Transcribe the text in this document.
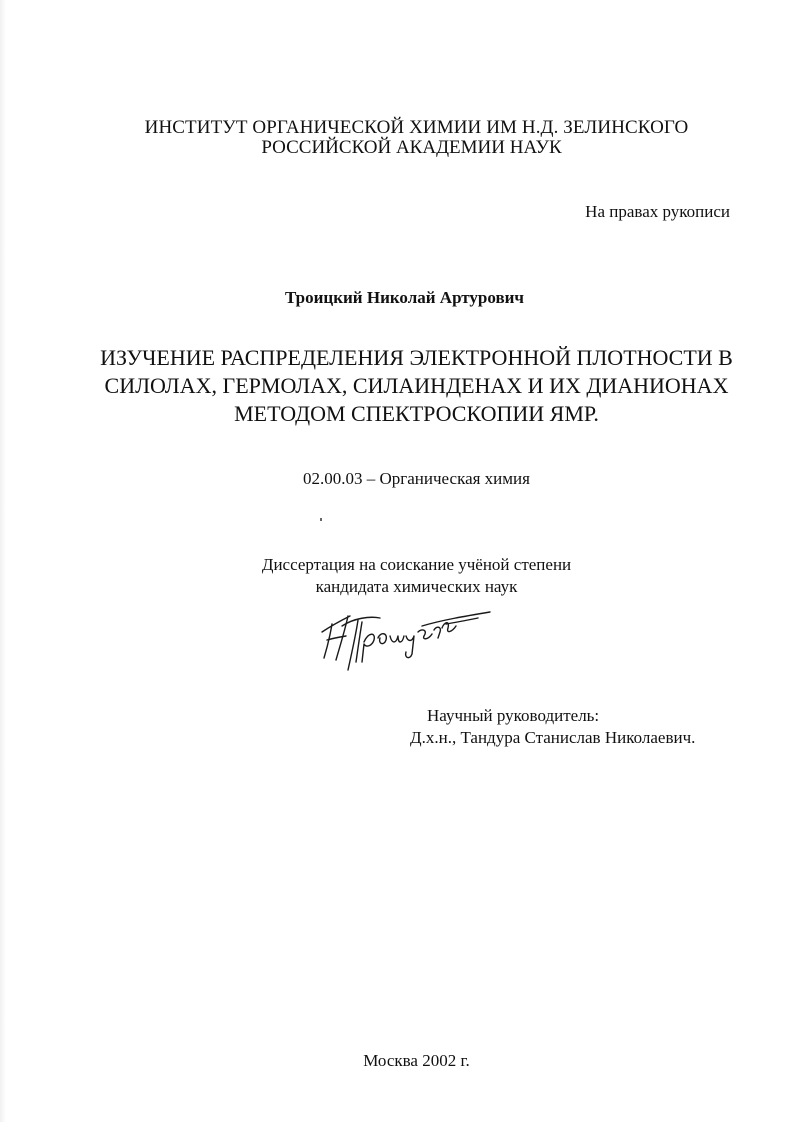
ИНСТИТУТ ОРГАНИЧЕСКОЙ ХИМИИ ИМ Н.Д. ЗЕЛИНСКОГО
РОССИЙСКОЙ АКАДЕМИИ НАУК
На правах рукописи
Троицкий Николай Артурович
ИЗУЧЕНИЕ РАСПРЕДЕЛЕНИЯ ЭЛЕКТРОННОЙ ПЛОТНОСТИ В
СИЛОЛАХ, ГЕРМОЛАХ, СИЛАИНДЕНАХ И ИХ ДИАНИОНАХ
МЕТОДОМ СПЕКТРОСКОПИИ ЯМР.
02.00.03 – Органическая химия
Диссертация на соискание учёной степени
кандидата химических наук
Научный руководитель:
Д.х.н., Тандура Станислав Николаевич.
Москва 2002 г.
